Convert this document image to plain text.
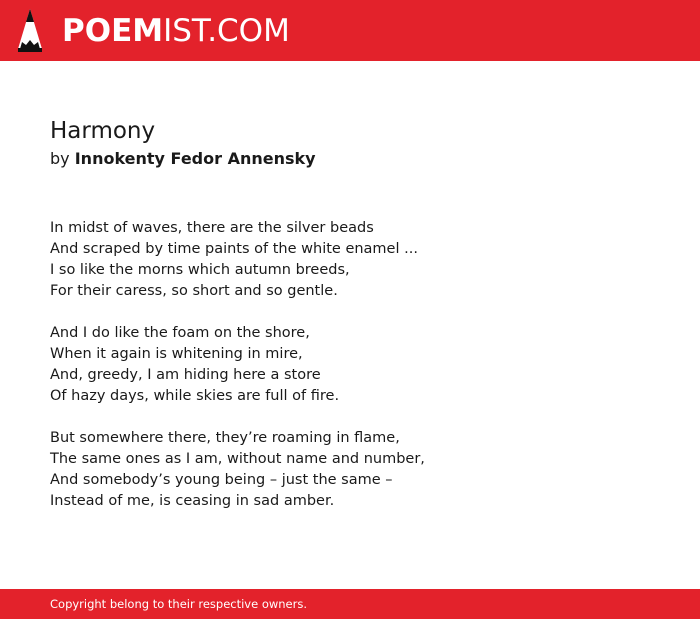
POEMIST.COM
Harmony

by Innokenty Fedor Annensky

In midst of waves, there are the silver beads
And scraped by time paints of the white enamel ...
I so like the morns which autumn breeds,
For their caress, so short and so gentle.
And I do like the foam on the shore,
When it again is whitening in mire,
And, greedy, I am hiding here a store
Of hazy days, while skies are full of fire.
But somewhere there, they’re roaming in flame,
The same ones as I am, without name and number,
And somebody’s young being – just the same –
Instead of me, is ceasing in sad amber.
Copyright belong to their respective owners.
